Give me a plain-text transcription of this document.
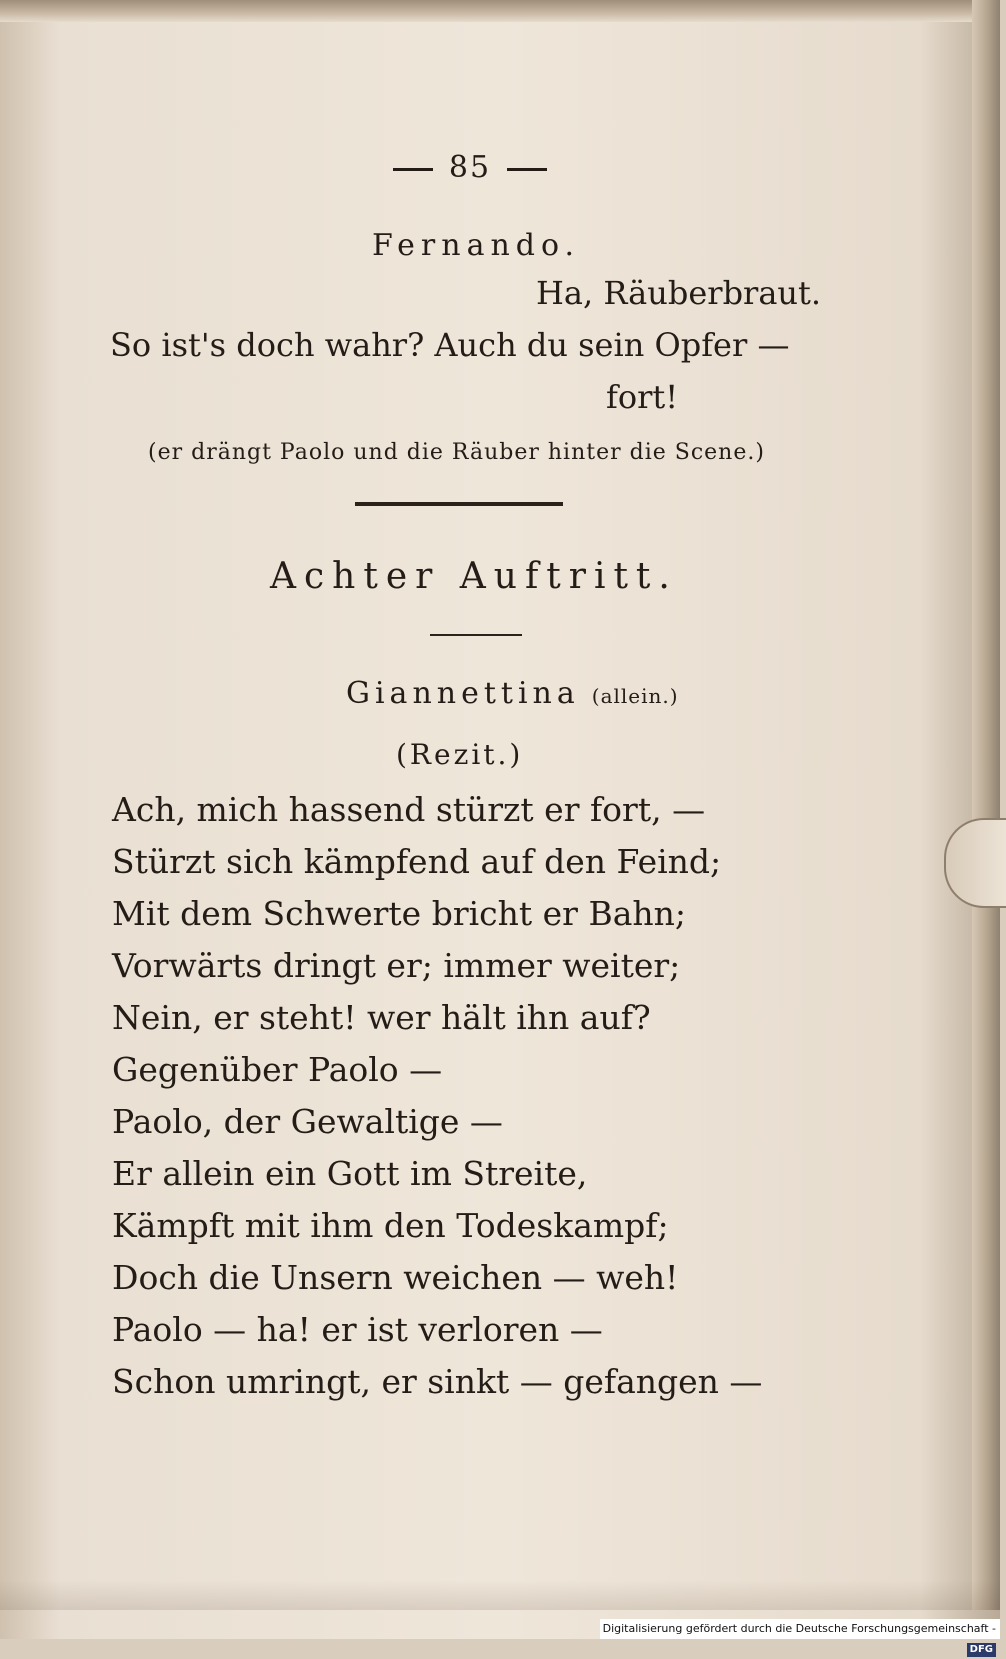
85
Fernando.
Ha, Räuberbraut.
So ist's doch wahr? Auch du sein Opfer —
fort!
(er drängt Paolo und die Räuber hinter die Scene.)
Achter Auftritt.
Giannettina (allein.)
(Rezit.)
Ach, mich hassend stürzt er fort, —
Stürzt sich kämpfend auf den Feind;
Mit dem Schwerte bricht er Bahn;
Vorwärts dringt er; immer weiter;
Nein, er steht! wer hält ihn auf?
Gegenüber Paolo —
Paolo, der Gewaltige —
Er allein ein Gott im Streite,
Kämpft mit ihm den Todeskampf;
Doch die Unsern weichen — weh!
Paolo — ha! er ist verloren —
Schon umringt, er sinkt — gefangen —
Digitalisierung gefördert durch die Deutsche Forschungsgemeinschaft -DFG
